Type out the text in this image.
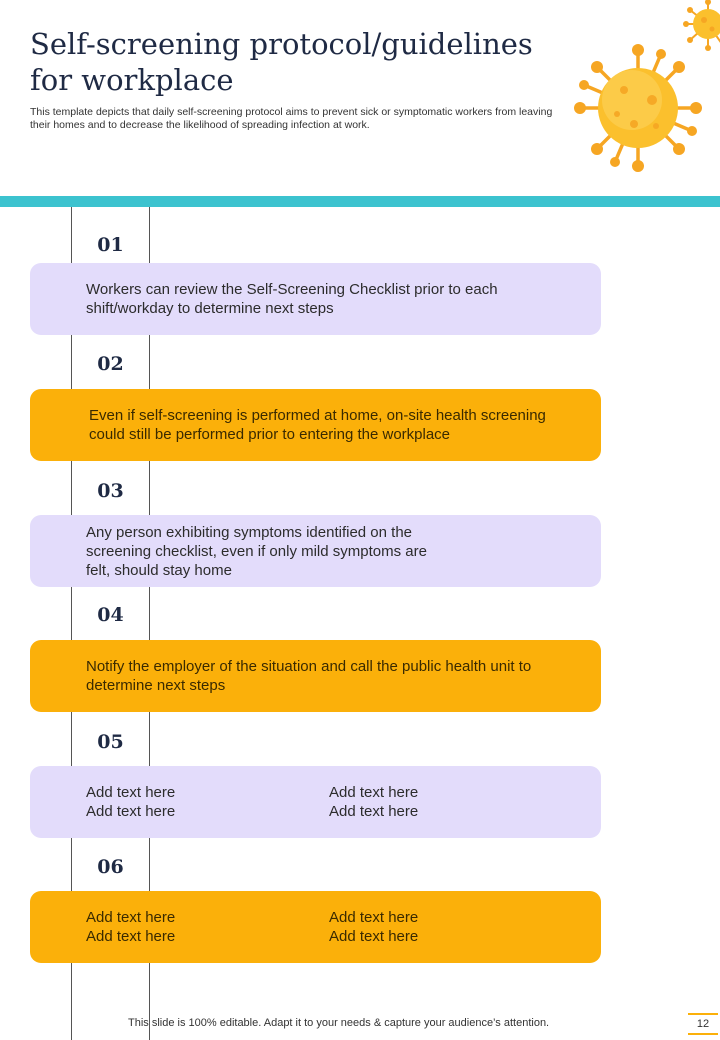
Self-screening protocol/guidelines for workplace

This template depicts that daily self-screening protocol aims to prevent sick or symptomatic workers from leaving their homes and to decrease the likelihood of spreading infection at work.

01
Workers can review the Self-Screening Checklist prior to each shift/workday to determine next steps
02
Even if self-screening is performed at home, on-site health screening could still be performed prior to entering the workplace
03
Any person exhibiting symptoms identified on the screening checklist, even if only mild symptoms are felt, should stay home
04
Notify the employer of the situation and call the public health unit to determine next steps
05
Add text here	Add text here
Add text here	Add text here
06
Add text here	Add text here
Add text here	Add text here
This slide is 100% editable. Adapt it to your needs & capture your audience’s attention.	12
